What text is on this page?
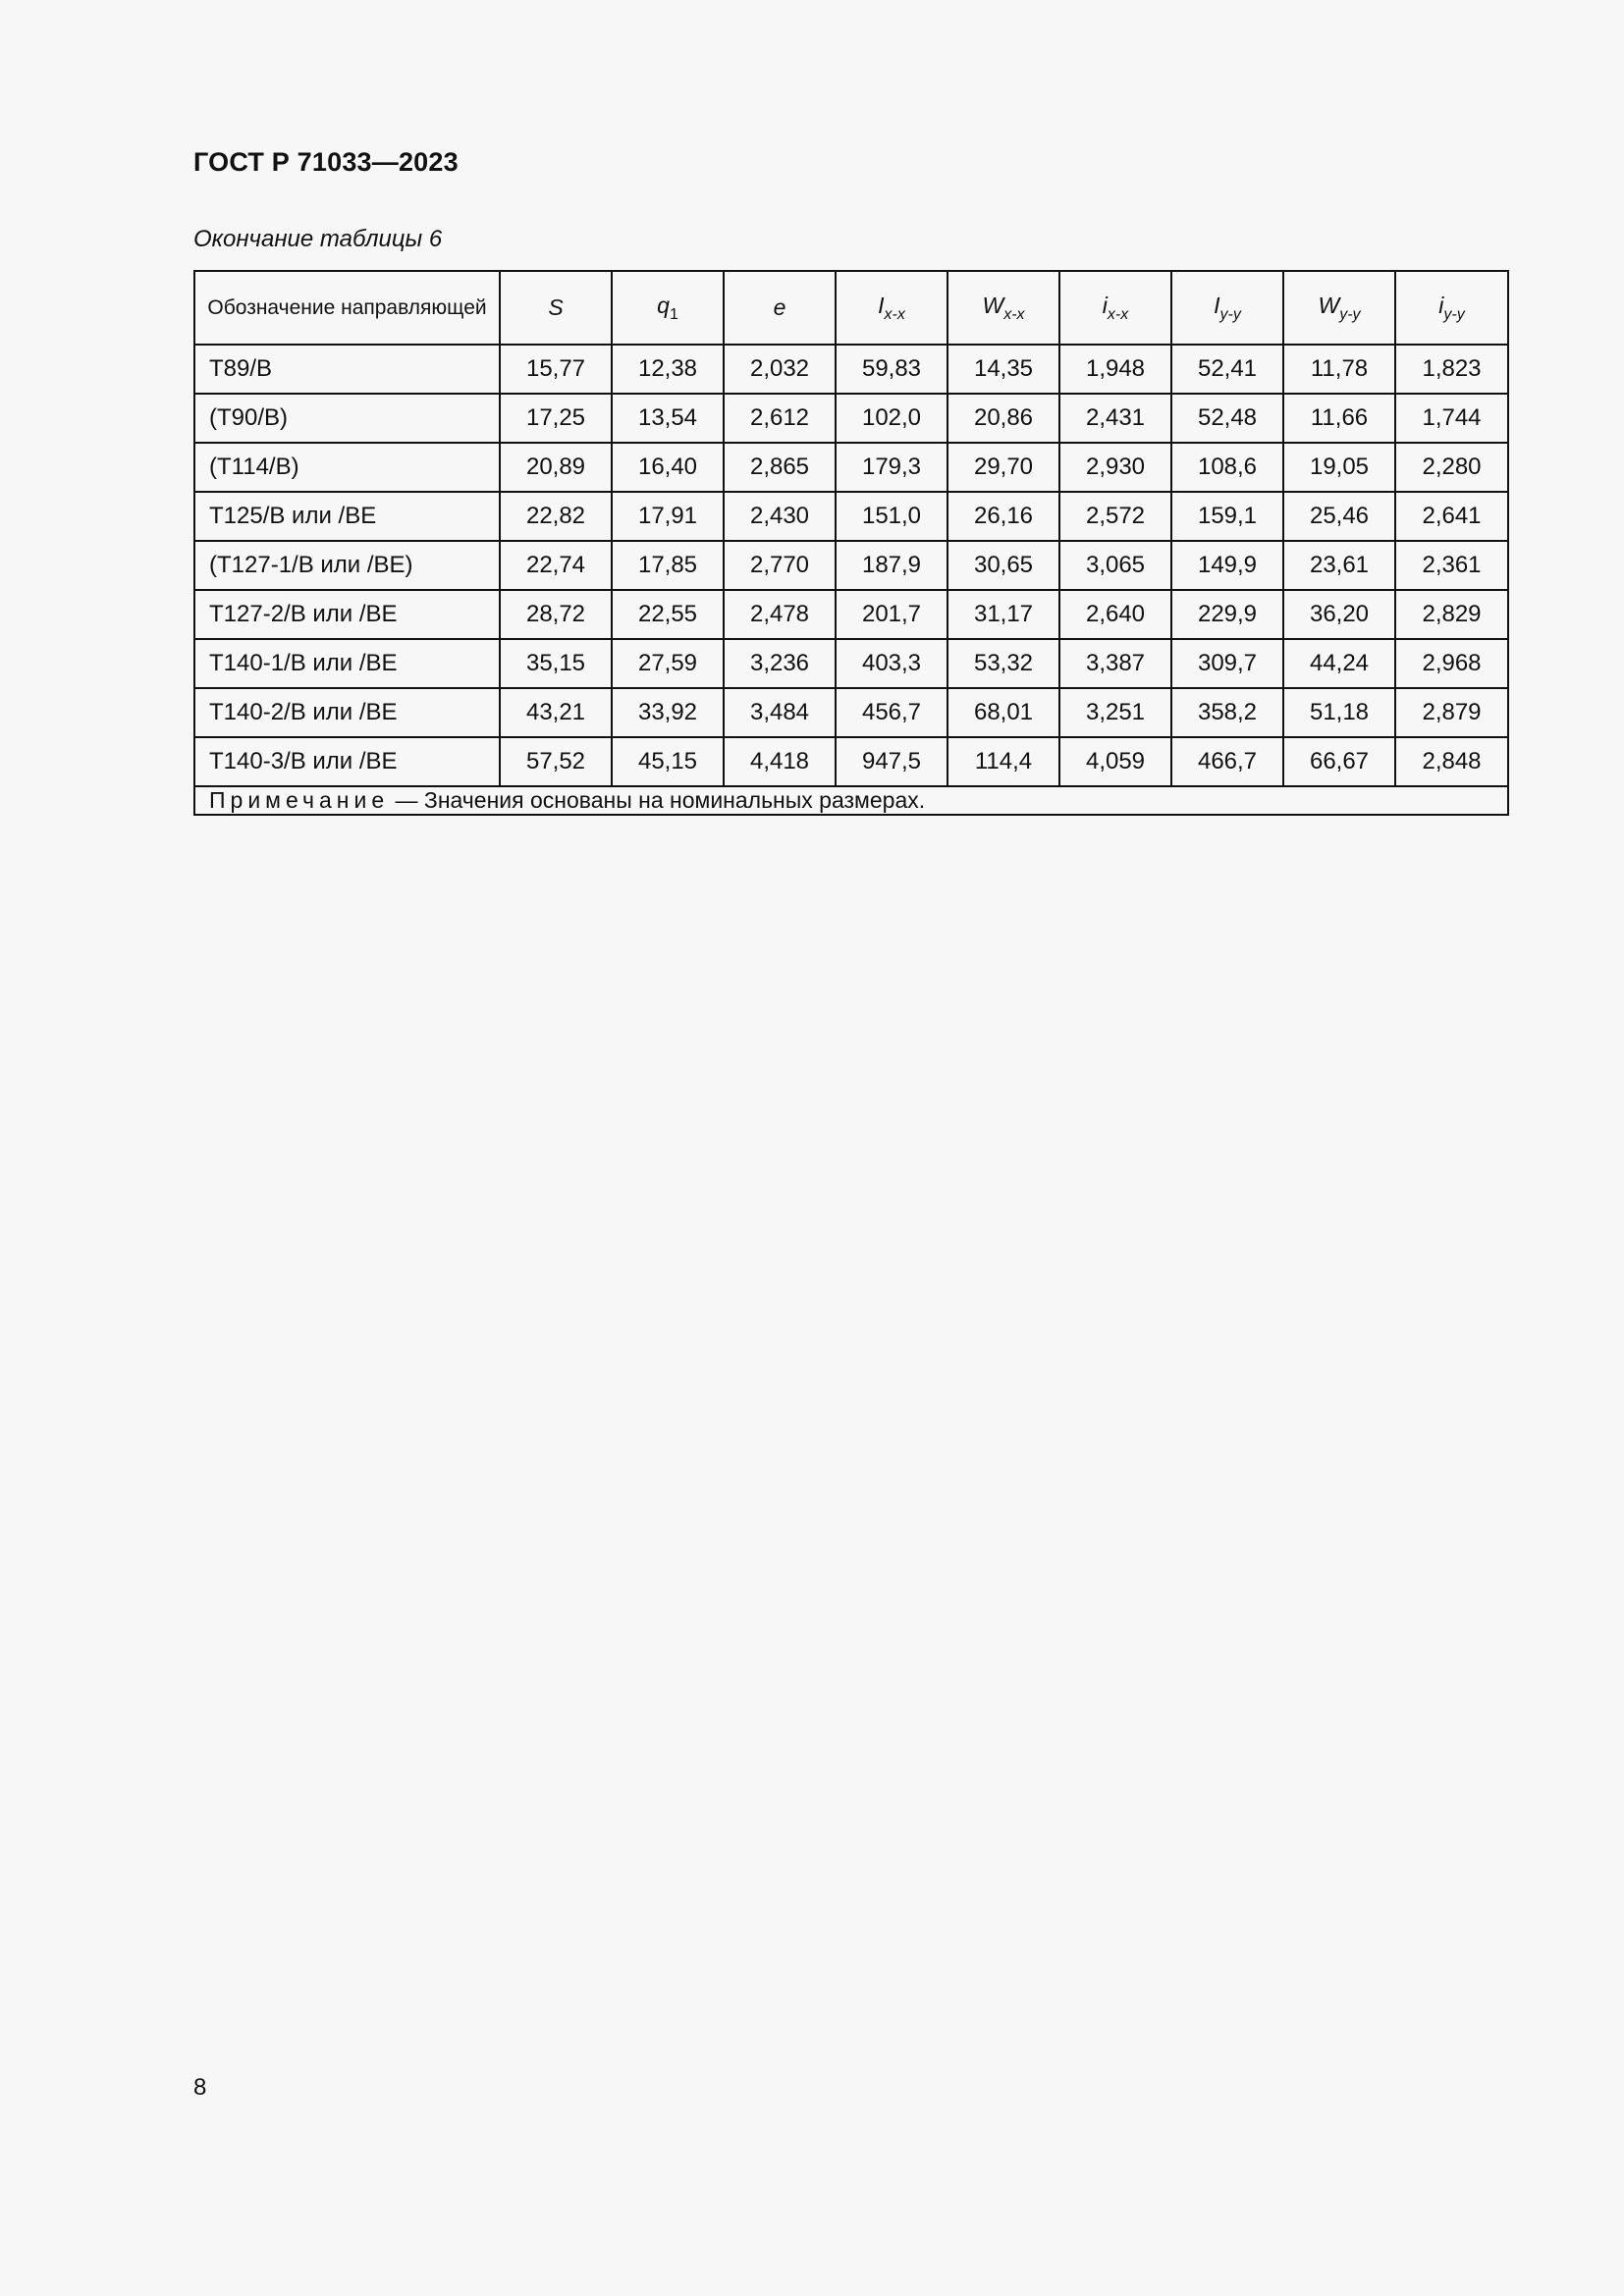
ГОСТ Р 71033—2023
Окончание таблицы 6
Обозначение направляющей	S	$q_1$	e	$I_{x-x}$	$W_{x-x}$	$i_{x-x}$	$I_{y-y}$	$W_{y-y}$	$i_{y-y}$
T89/B	15,77	12,38	2,032	59,83	14,35	1,948	52,41	11,78	1,823
(T90/B)	17,25	13,54	2,612	102,0	20,86	2,431	52,48	11,66	1,744
(T114/B)	20,89	16,40	2,865	179,3	29,70	2,930	108,6	19,05	2,280
T125/B или /BE	22,82	17,91	2,430	151,0	26,16	2,572	159,1	25,46	2,641
(T127-1/B или /BE)	22,74	17,85	2,770	187,9	30,65	3,065	149,9	23,61	2,361
T127-2/B или /BE	28,72	22,55	2,478	201,7	31,17	2,640	229,9	36,20	2,829
T140-1/B или /BE	35,15	27,59	3,236	403,3	53,32	3,387	309,7	44,24	2,968
T140-2/B или /BE	43,21	33,92	3,484	456,7	68,01	3,251	358,2	51,18	2,879
T140-3/B или /BE	57,52	45,15	4,418	947,5	114,4	4,059	466,7	66,67	2,848
Примечание — Значения основаны на номинальных размерах.									
8
